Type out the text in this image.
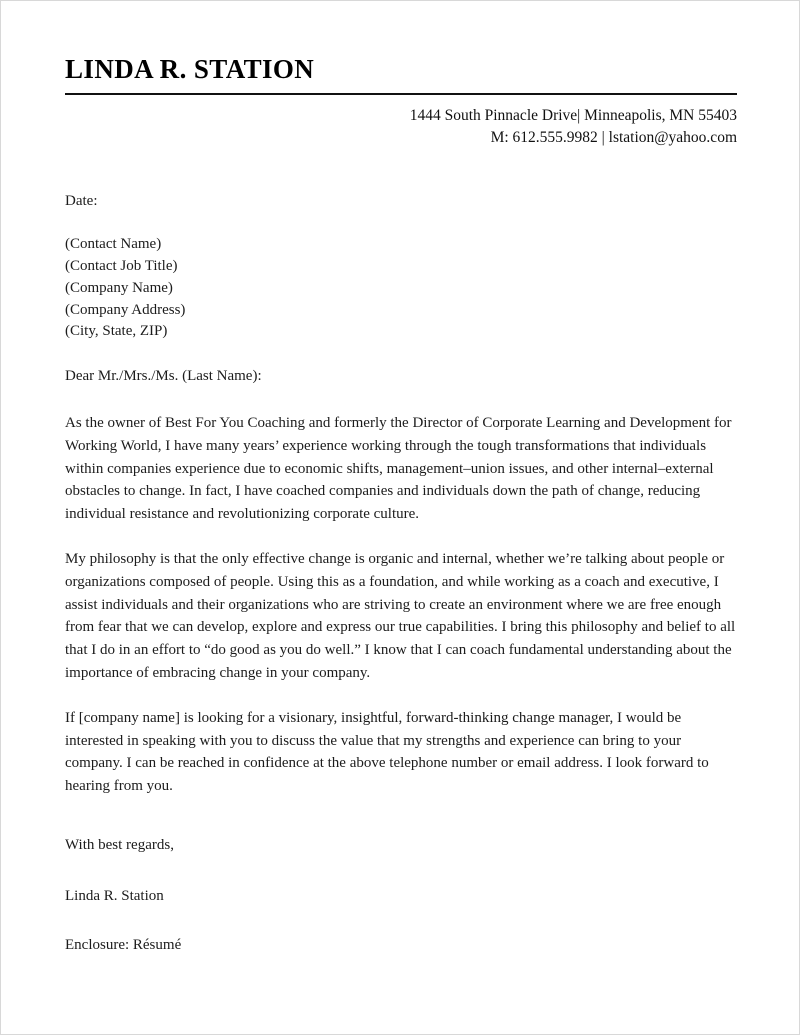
LINDA R. STATION
1444 South Pinnacle Drive| Minneapolis, MN 55403
M: 612.555.9982 | lstation@yahoo.com
Date:
(Contact Name)
(Contact Job Title)
(Company Name)
(Company Address)
(City, State, ZIP)
Dear Mr./Mrs./Ms. (Last Name):

As the owner of Best For You Coaching and formerly the Director of Corporate Learning and Development for Working World, I have many years’ experience working through the tough transformations that individuals within companies experience due to economic shifts, management–union issues, and other internal–external obstacles to change. In fact, I have coached companies and individuals down the path of change, reducing individual resistance and revolutionizing corporate culture.

My philosophy is that the only effective change is organic and internal, whether we’re talking about people or organizations composed of people. Using this as a foundation, and while working as a coach and executive, I assist individuals and their organizations who are striving to create an environment where we are free enough from fear that we can develop, explore and express our true capabilities. I bring this philosophy and belief to all that I do in an effort to “do good as you do well.” I know that I can coach fundamental understanding about the importance of embracing change in your company.

If [company name] is looking for a visionary, insightful, forward-thinking change manager, I would be interested in speaking with you to discuss the value that my strengths and experience can bring to your company. I can be reached in confidence at the above telephone number or email address. I look forward to hearing from you.

With best regards,
Linda R. Station
Enclosure: Résumé
